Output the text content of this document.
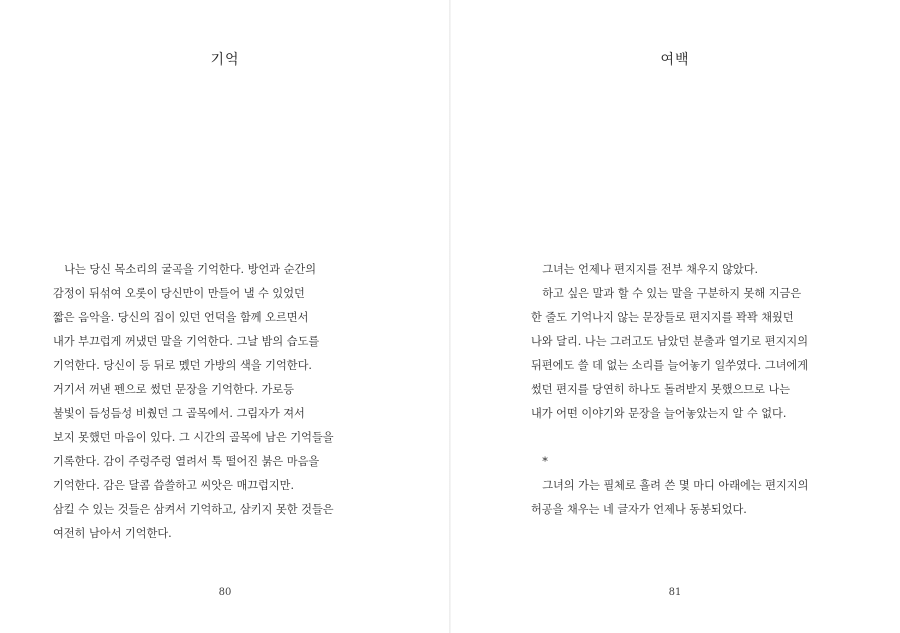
기억
　나는 당신 목소리의 굴곡을 기억한다. 방언과 순간의
감정이 뒤섞여 오롯이 당신만이 만들어 낼 수 있었던
짧은 음악을. 당신의 집이 있던 언덕을 함께 오르면서
내가 부끄럽게 꺼냈던 말을 기억한다. 그날 밤의 습도를
기억한다. 당신이 등 뒤로 멨던 가방의 색을 기억한다.
거기서 꺼낸 펜으로 썼던 문장을 기억한다. 가로등
불빛이 듬성듬성 비췄던 그 골목에서. 그림자가 져서
보지 못했던 마음이 있다. 그 시간의 골목에 남은 기억들을
기록한다. 감이 주렁주렁 열려서 툭 떨어진 붉은 마음을
기억한다. 감은 달콤 씁쓸하고 씨앗은 매끄럽지만.
삼킬 수 있는 것들은 삼켜서 기억하고, 삼키지 못한 것들은
여전히 남아서 기억한다.
80
여백
　그녀는 언제나 편지지를 전부 채우지 않았다.
　하고 싶은 말과 할 수 있는 말을 구분하지 못해 지금은
한 줄도 기억나지 않는 문장들로 편지지를 꽉꽉 채웠던
나와 달리. 나는 그러고도 남았던 분출과 열기로 편지지의
뒤편에도 쓸 데 없는 소리를 늘어놓기 일쑤였다. 그녀에게
썼던 편지를 당연히 하나도 돌려받지 못했으므로 나는
내가 어떤 이야기와 문장을 늘어놓았는지 알 수 없다.
　*
　그녀의 가는 필체로 흘려 쓴 몇 마디 아래에는 편지지의
허공을 채우는 네 글자가 언제나 동봉되었다.
81
